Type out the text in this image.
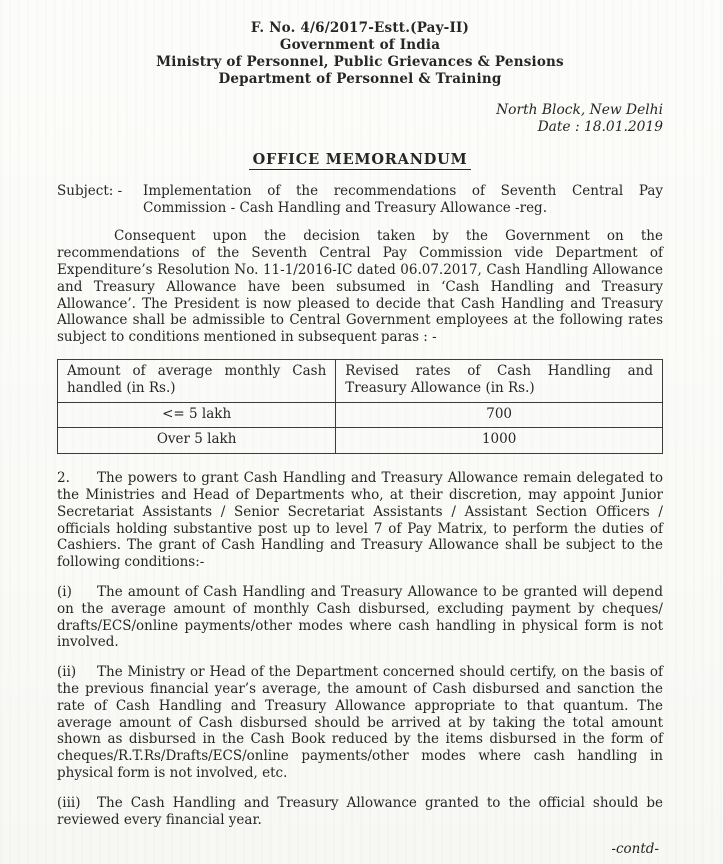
F. No. 4/6/2017-Estt.(Pay-II)
Government of India
Ministry of Personnel, Public Grievances & Pensions
Department of Personnel & Training
North Block, New Delhi
Date : 18.01.2019
OFFICE MEMORANDUM
Subject: -	Implementation of the recommendations of Seventh Central Pay Commission - Cash Handling and Treasury Allowance -reg.

Consequent upon the decision taken by the Government on the recommendations of the Seventh Central Pay Commission vide Department of Expenditure’s Resolution No. 11-1/2016-IC dated 06.07.2017, Cash Handling Allowance and Treasury Allowance have been subsumed in ‘Cash Handling and Treasury Allowance’. The President is now pleased to decide that Cash Handling and Treasury Allowance shall be admissible to Central Government employees at the following rates subject to conditions mentioned in subsequent paras : -

Amount of average monthly Cash handled (in Rs.)	Revised rates of Cash Handling and Treasury Allowance (in Rs.)
<= 5 lakh	700
Over 5 lakh	1000

2. The powers to grant Cash Handling and Treasury Allowance remain delegated to the Ministries and Head of Departments who, at their discretion, may appoint Junior Secretariat Assistants / Senior Secretariat Assistants / Assistant Section Officers / officials holding substantive post up to level 7 of Pay Matrix, to perform the duties of Cashiers. The grant of Cash Handling and Treasury Allowance shall be subject to the following conditions:-

(i) The amount of Cash Handling and Treasury Allowance to be granted will depend on the average amount of monthly Cash disbursed, excluding payment by cheques/ drafts/ECS/online payments/other modes where cash handling in physical form is not involved.

(ii) The Ministry or Head of the Department concerned should certify, on the basis of the previous financial year’s average, the amount of Cash disbursed and sanction the rate of Cash Handling and Treasury Allowance appropriate to that quantum. The average amount of Cash disbursed should be arrived at by taking the total amount shown as disbursed in the Cash Book reduced by the items disbursed in the form of cheques/R.T.Rs/Drafts/ECS/online payments/other modes where cash handling in physical form is not involved, etc.

(iii) The Cash Handling and Treasury Allowance granted to the official should be reviewed every financial year.

-contd-
